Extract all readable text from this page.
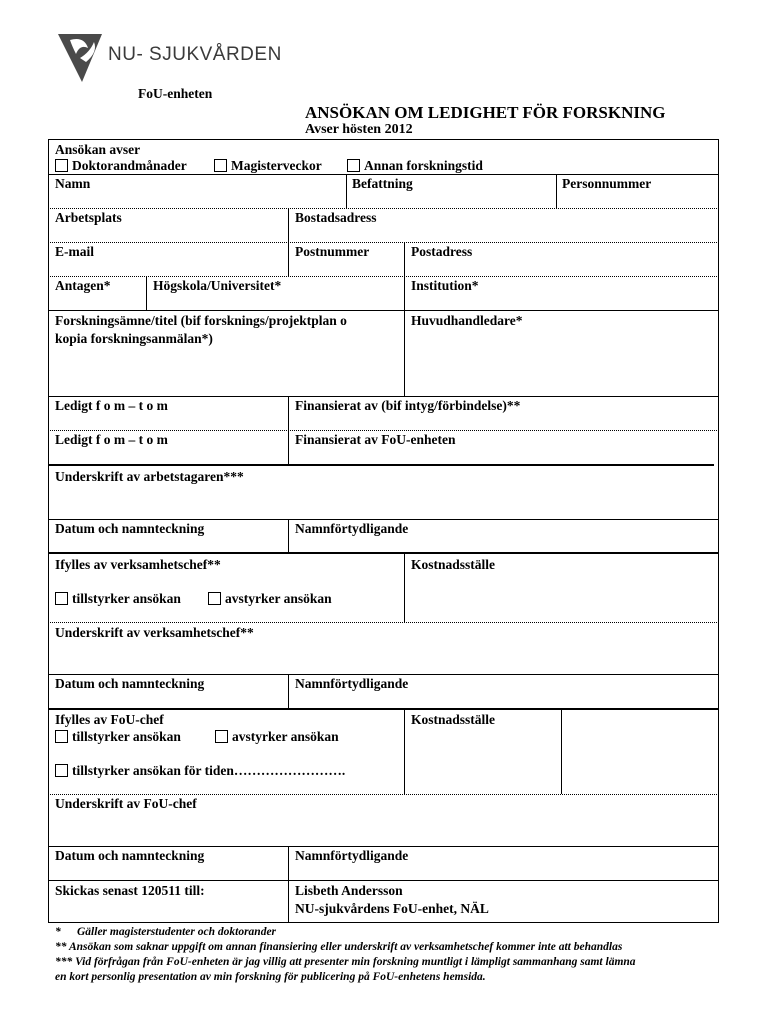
NU- SJUKVÅRDEN
FoU-enheten
ANSÖKAN OM LEDIGHET FÖR FORSKNING
Avser hösten 2012
Ansökan avser
Doktorandmånader	Magisterveckor	Annan forskningstid
Namn	Befattning	Personnummer
Arbetsplats	Bostadsadress
E-mail	Postnummer	Postadress
Antagen*	Högskola/Universitet*	Institution*
Forskningsämne/titel (bif forsknings/projektplan o
kopia forskningsanmälan*)
Huvudhandledare*
Ledigt f o m – t o m	Finansierat av (bif intyg/förbindelse)**
Ledigt f o m – t o m	Finansierat av FoU-enheten
Underskrift av arbetstagaren***
Datum och namnteckning	Namnförtydligande
Ifylles av verksamhetschef**	Kostnadsställe
tillstyrker ansökan	avstyrker ansökan
Underskrift av verksamhetschef**
Datum och namnteckning	Namnförtydligande
Ifylles av FoU-chef	Kostnadsställe
tillstyrker ansökan	avstyrker ansökan
tillstyrker ansökan för tiden…………………….
Underskrift av FoU-chef
Datum och namnteckning	Namnförtydligande
Skickas senast 120511 till:	Lisbeth Andersson
NU-sjukvårdens FoU-enhet, NÄL
* Gäller magisterstudenter och doktorander
** Ansökan som saknar uppgift om annan finansiering eller underskrift av verksamhetschef kommer inte att behandlas
*** Vid förfrågan från FoU-enheten är jag villig att presenter min forskning muntligt i lämpligt sammanhang samt lämna
en kort personlig presentation av min forskning för publicering på FoU-enhetens hemsida.
